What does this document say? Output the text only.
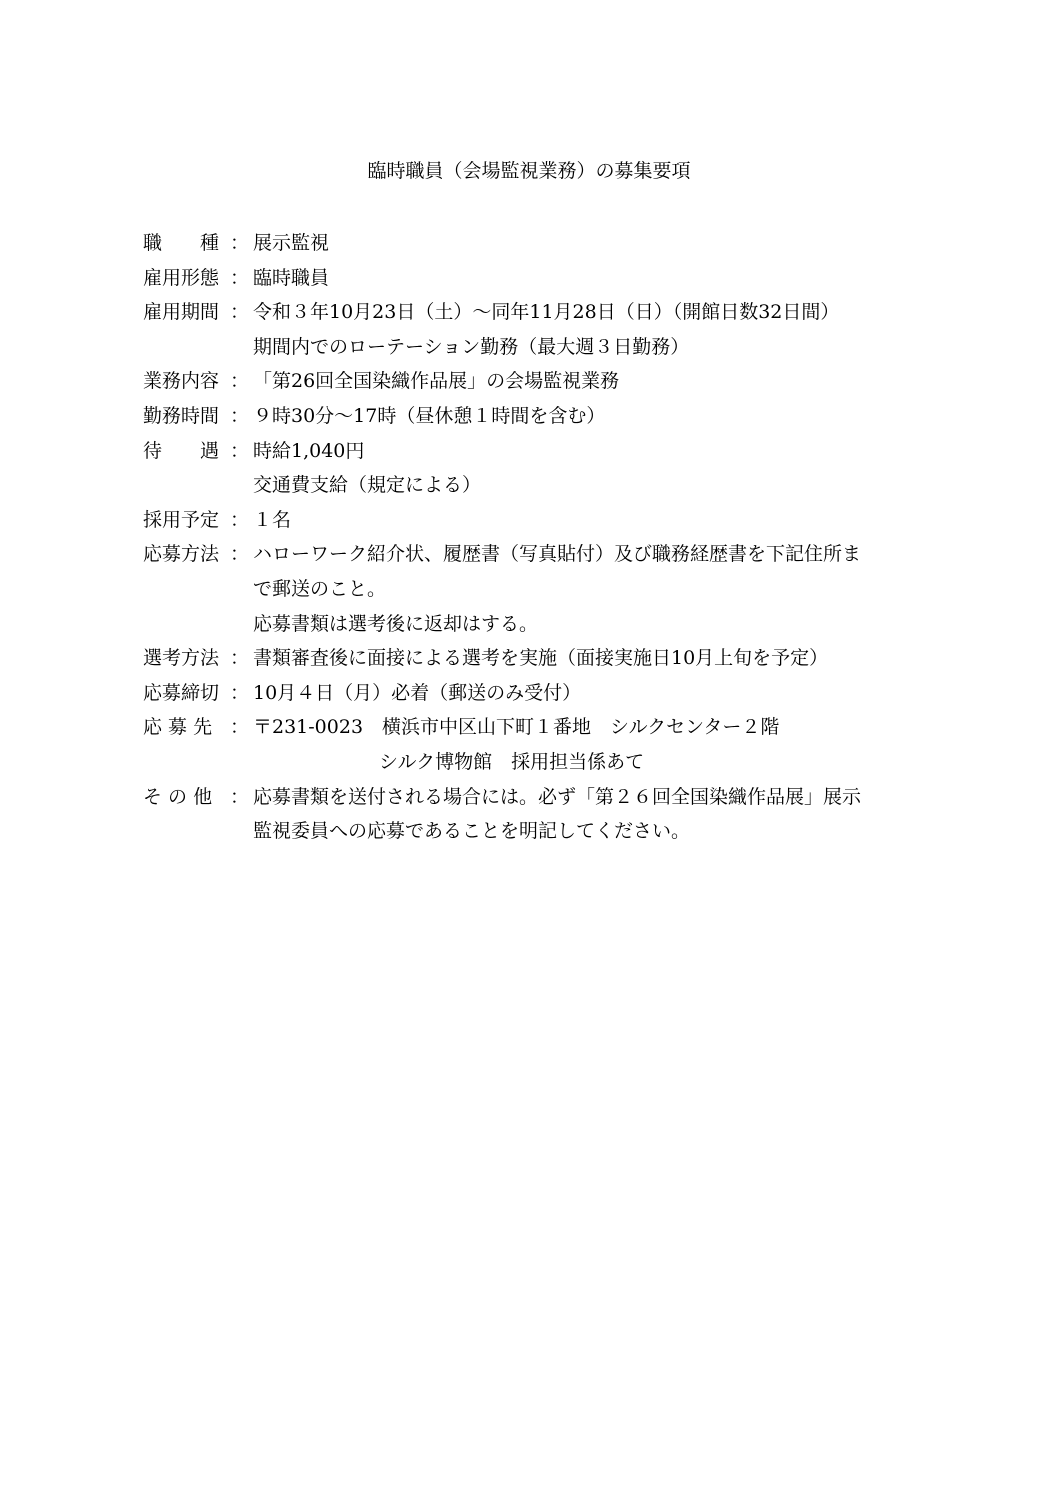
臨時職員（会場監視業務）の募集要項
職　　種 ： 展示監視
雇用形態 ： 臨時職員
雇用期間 ： 令和３年10月23日（土）～同年11月28日（日）（開館日数32日間）
期間内でのローテーション勤務（最大週３日勤務）
業務内容 ： 「第26回全国染織作品展」の会場監視業務
勤務時間 ： ９時30分～17時（昼休憩１時間を含む）
待　　遇 ： 時給1,040円
交通費支給（規定による）
採用予定 ： １名
応募方法 ： ハローワーク紹介状、履歴書（写真貼付）及び職務経歴書を下記住所ま
で郵送のこと。
応募書類は選考後に返却はする。
選考方法 ： 書類審査後に面接による選考を実施（面接実施日10月上旬を予定）
応募締切 ： 10月４日（月）必着（郵送のみ受付）
応 募 先 ： 〒231-0023　横浜市中区山下町１番地　シルクセンター２階
シルク博物館　採用担当係あて
そ の 他 ： 応募書類を送付される場合には。必ず「第２６回全国染織作品展」展示
監視委員への応募であることを明記してください。
